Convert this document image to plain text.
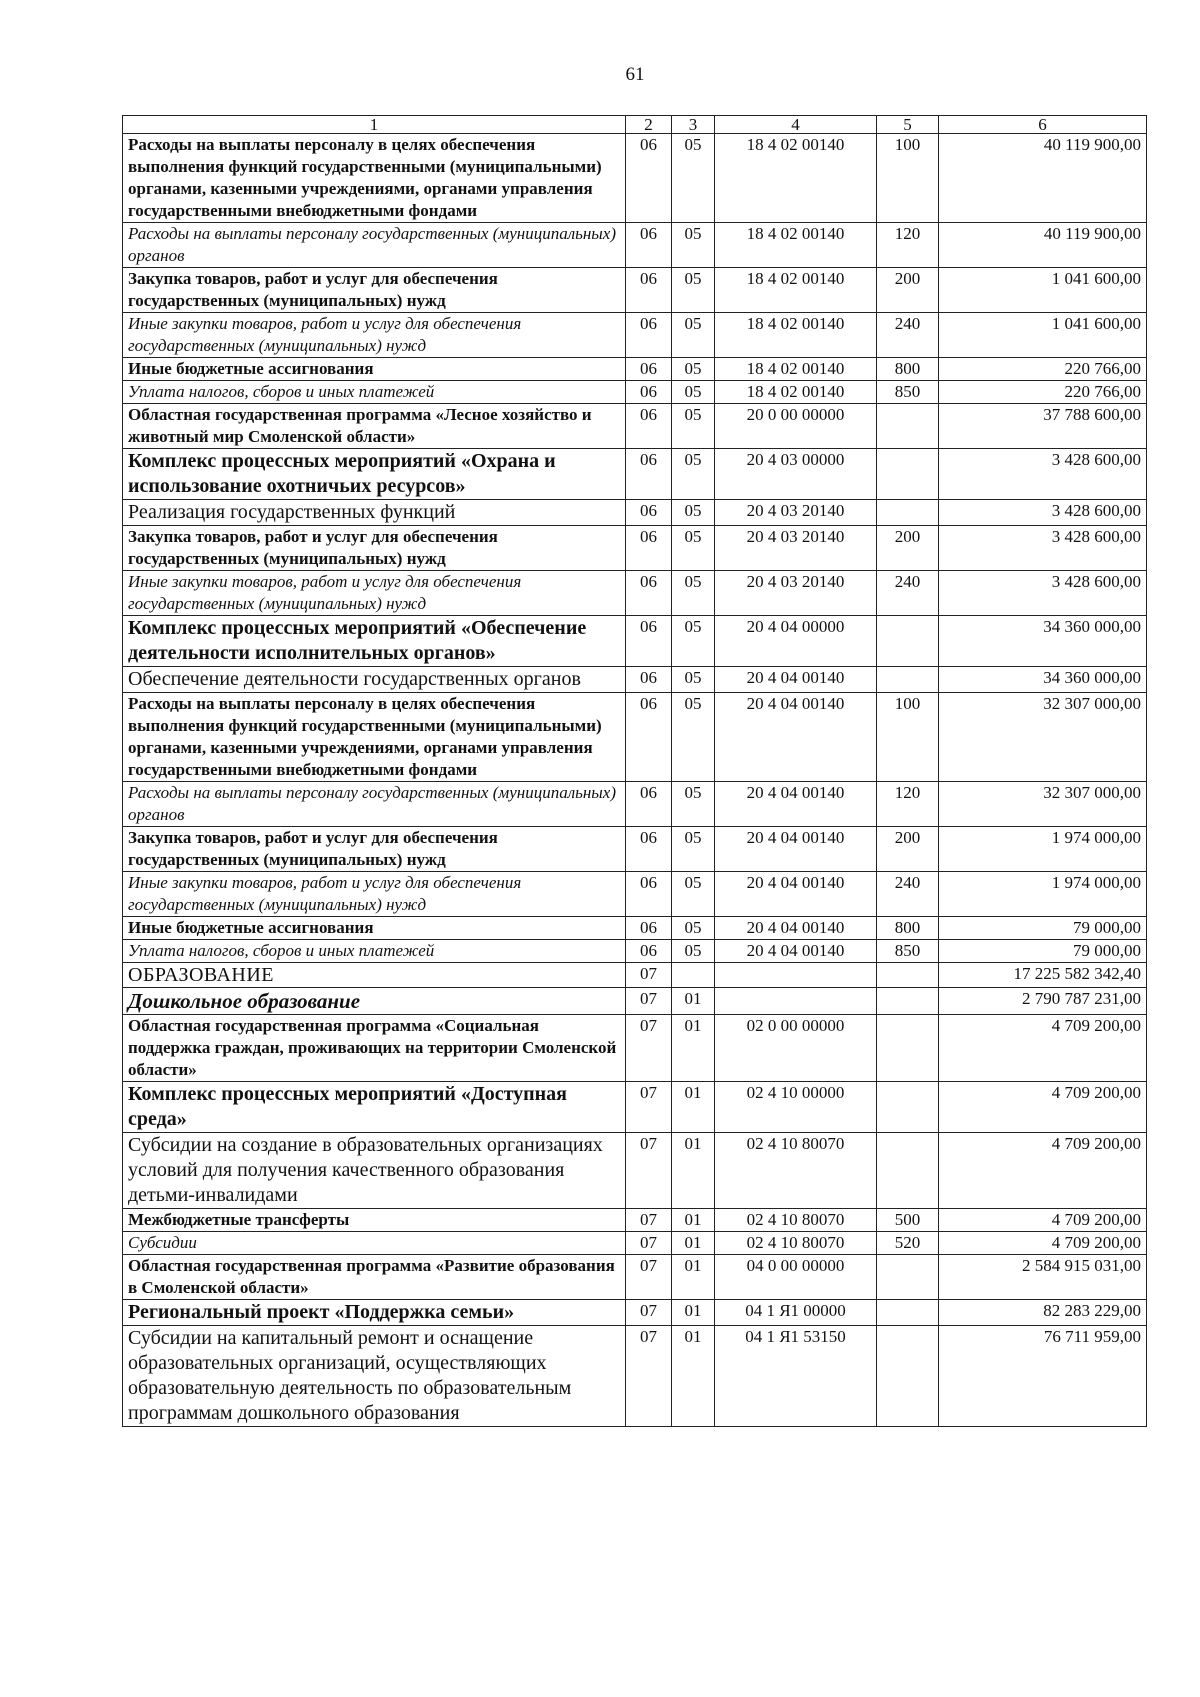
61
1	2	3	4	5	6
Расходы на выплаты персоналу в целях обеспечения выполнения функций государственными (муниципальными) органами, казенными учреждениями, органами управления государственными внебюджетными фондами	06	05	18 4 02 00140	100	40 119 900,00
Расходы на выплаты персоналу государственных (муниципальных) органов	06	05	18 4 02 00140	120	40 119 900,00
Закупка товаров, работ и услуг для обеспечения государственных (муниципальных) нужд	06	05	18 4 02 00140	200	1 041 600,00
Иные закупки товаров, работ и услуг для обеспечения государственных (муниципальных) нужд	06	05	18 4 02 00140	240	1 041 600,00
Иные бюджетные ассигнования	06	05	18 4 02 00140	800	220 766,00
Уплата налогов, сборов и иных платежей	06	05	18 4 02 00140	850	220 766,00
Областная государственная программа «Лесное хозяйство и животный мир Смоленской области»	06	05	20 0 00 00000		37 788 600,00
Комплекс процессных мероприятий «Охрана и использование охотничьих ресурсов»	06	05	20 4 03 00000		3 428 600,00
Реализация государственных функций	06	05	20 4 03 20140		3 428 600,00
Закупка товаров, работ и услуг для обеспечения государственных (муниципальных) нужд	06	05	20 4 03 20140	200	3 428 600,00
Иные закупки товаров, работ и услуг для обеспечения государственных (муниципальных) нужд	06	05	20 4 03 20140	240	3 428 600,00
Комплекс процессных мероприятий «Обеспечение деятельности исполнительных органов»	06	05	20 4 04 00000		34 360 000,00
Обеспечение деятельности государственных органов	06	05	20 4 04 00140		34 360 000,00
Расходы на выплаты персоналу в целях обеспечения выполнения функций государственными (муниципальными) органами, казенными учреждениями, органами управления государственными внебюджетными фондами	06	05	20 4 04 00140	100	32 307 000,00
Расходы на выплаты персоналу государственных (муниципальных) органов	06	05	20 4 04 00140	120	32 307 000,00
Закупка товаров, работ и услуг для обеспечения государственных (муниципальных) нужд	06	05	20 4 04 00140	200	1 974 000,00
Иные закупки товаров, работ и услуг для обеспечения государственных (муниципальных) нужд	06	05	20 4 04 00140	240	1 974 000,00
Иные бюджетные ассигнования	06	05	20 4 04 00140	800	79 000,00
Уплата налогов, сборов и иных платежей	06	05	20 4 04 00140	850	79 000,00
ОБРАЗОВАНИЕ	07				17 225 582 342,40
Дошкольное образование	07	01			2 790 787 231,00
Областная государственная программа «Социальная поддержка граждан, проживающих на территории Смоленской области»	07	01	02 0 00 00000		4 709 200,00
Комплекс процессных мероприятий «Доступная среда»	07	01	02 4 10 00000		4 709 200,00
Субсидии на создание в образовательных организациях условий для получения качественного образования детьми-инвалидами	07	01	02 4 10 80070		4 709 200,00
Межбюджетные трансферты	07	01	02 4 10 80070	500	4 709 200,00
Субсидии	07	01	02 4 10 80070	520	4 709 200,00
Областная государственная программа «Развитие образования в Смоленской области»	07	01	04 0 00 00000		2 584 915 031,00
Региональный проект «Поддержка семьи»	07	01	04 1 Я1 00000		82 283 229,00
Субсидии на капитальный ремонт и оснащение образовательных организаций, осуществляющих образовательную деятельность по образовательным программам дошкольного образования	07	01	04 1 Я1 53150		76 711 959,00
